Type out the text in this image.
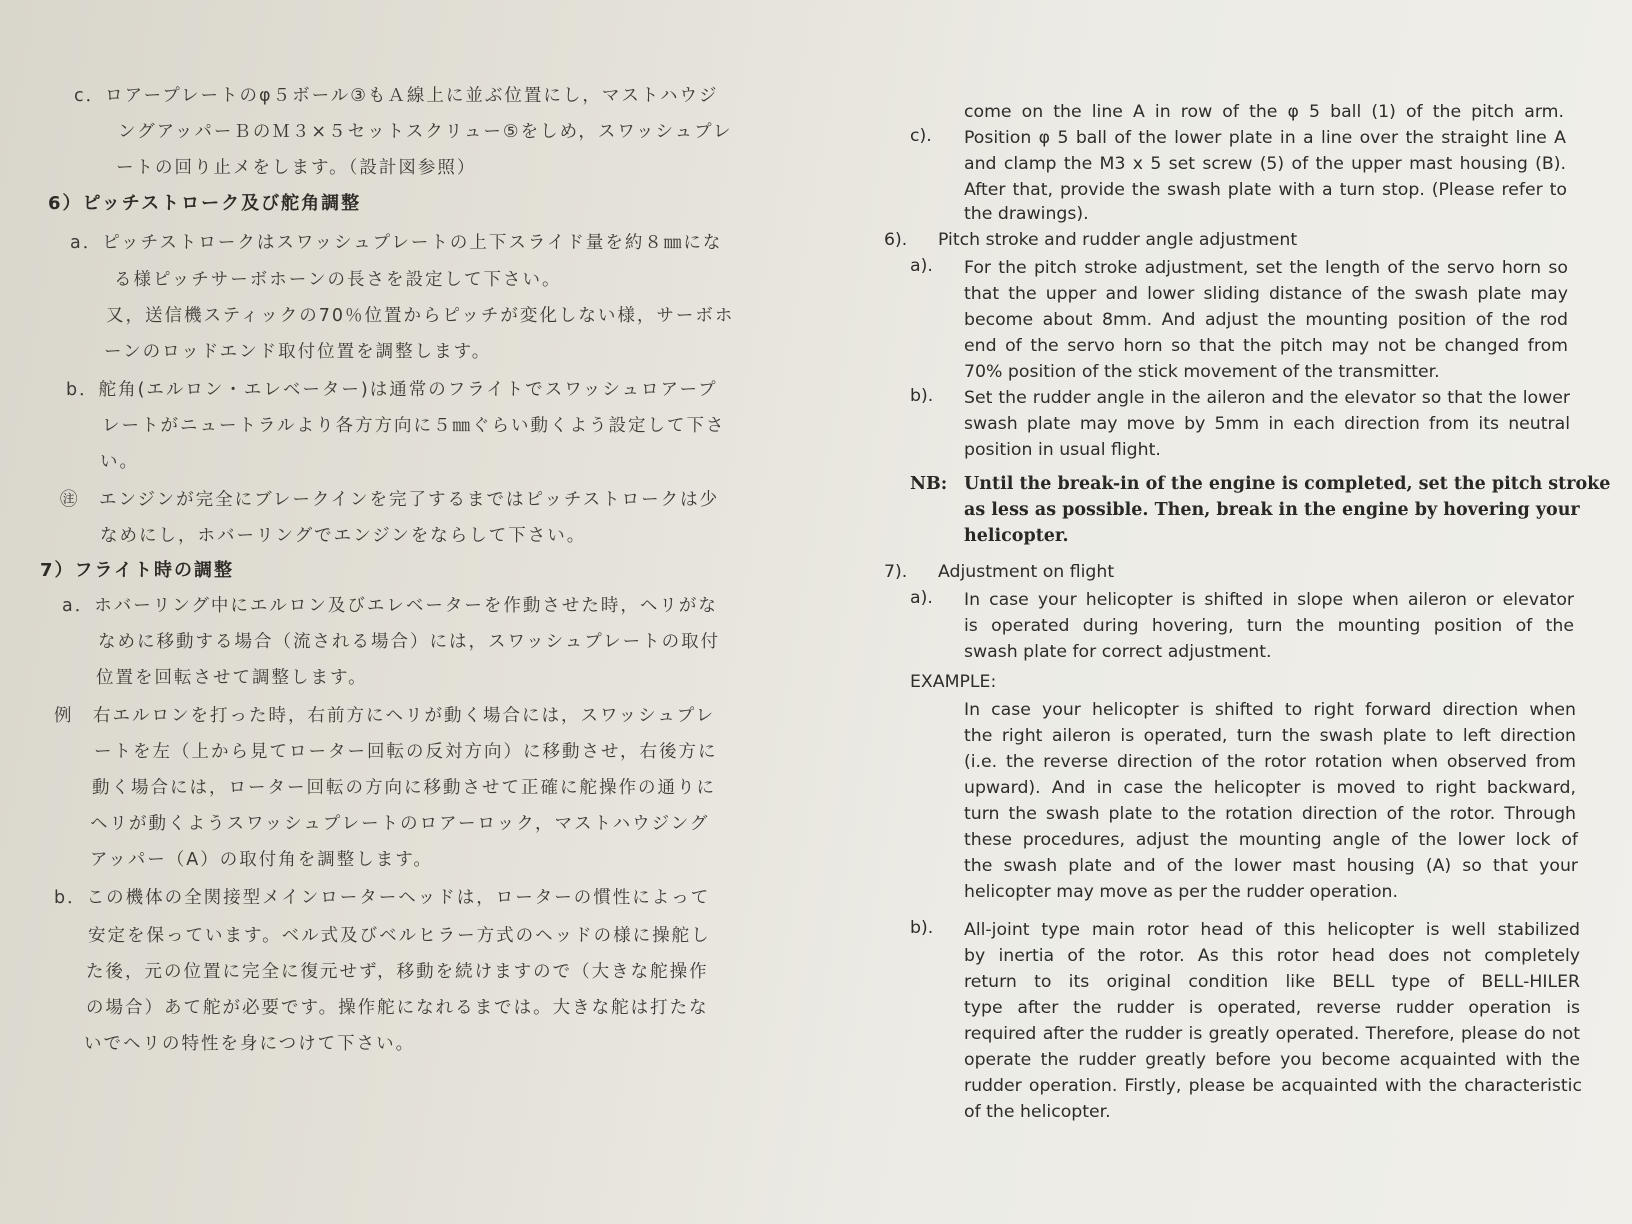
c．ロアープレートのφ５ボール③もＡ線上に並ぶ位置にし，マストハウジ
ングアッパーＢのＭ３×５セットスクリュー⑤をしめ，スワッシュプレ
ートの回り止メをします。（設計図参照）
6）ピッチストローク及び舵角調整
a．ピッチストロークはスワッシュプレートの上下スライド量を約８㎜にな
る様ピッチサーボホーンの長さを設定して下さい。
又，送信機スティックの70％位置からピッチが変化しない様，サーボホ
ーンのロッドエンド取付位置を調整します。
b．舵角(エルロン・エレベーター)は通常のフライトでスワッシュロアープ
レートがニュートラルより各方方向に５㎜ぐらい動くよう設定して下さ
い。
㊟　エンジンが完全にブレークインを完了するまではピッチストロークは少
なめにし，ホバーリングでエンジンをならして下さい。
7）フライト時の調整
a．ホバーリング中にエルロン及びエレベーターを作動させた時，ヘリがな
なめに移動する場合（流される場合）には，スワッシュプレートの取付
位置を回転させて調整します。
例　右エルロンを打った時，右前方にヘリが動く場合には，スワッシュプレ
ートを左（上から見てローター回転の反対方向）に移動させ，右後方に
動く場合には，ローター回転の方向に移動させて正確に舵操作の通りに
ヘリが動くようスワッシュプレートのロアーロック，マストハウジング
アッパー（A）の取付角を調整します。
b．この機体の全関接型メインローターヘッドは，ローターの慣性によって
安定を保っています。ベル式及びベルヒラー方式のヘッドの様に操舵し
た後，元の位置に完全に復元せず，移動を続けますので（大きな舵操作
の場合）あて舵が必要です。操作舵になれるまでは。大きな舵は打たな
いでヘリの特性を身につけて下さい。
come on the line A in row of the φ 5 ball (1) of the pitch arm.
c). Position φ 5 ball of the lower plate in a line over the straight line A
and clamp the M3 x 5 set screw (5) of the upper mast housing (B).
After that, provide the swash plate with a turn stop. (Please refer to
the drawings).
6). Pitch stroke and rudder angle adjustment
a). For the pitch stroke adjustment, set the length of the servo horn so
that the upper and lower sliding distance of the swash plate may
become about 8mm. And adjust the mounting position of the rod
end of the servo horn so that the pitch may not be changed from
70% position of the stick movement of the transmitter.
b). Set the rudder angle in the aileron and the elevator so that the lower
swash plate may move by 5mm in each direction from its neutral
position in usual flight.
NB: Until the break-in of the engine is completed, set the pitch stroke
as less as possible. Then, break in the engine by hovering your
helicopter.
7). Adjustment on flight
a). In case your helicopter is shifted in slope when aileron or elevator
is operated during hovering, turn the mounting position of the
swash plate for correct adjustment.
EXAMPLE:
In case your helicopter is shifted to right forward direction when
the right aileron is operated, turn the swash plate to left direction
(i.e. the reverse direction of the rotor rotation when observed from
upward). And in case the helicopter is moved to right backward,
turn the swash plate to the rotation direction of the rotor. Through
these procedures, adjust the mounting angle of the lower lock of
the swash plate and of the lower mast housing (A) so that your
helicopter may move as per the rudder operation.
b). All-joint type main rotor head of this helicopter is well stabilized
by inertia of the rotor. As this rotor head does not completely
return to its original condition like BELL type of BELL-HILER
type after the rudder is operated, reverse rudder operation is
required after the rudder is greatly operated. Therefore, please do not
operate the rudder greatly before you become acquainted with the
rudder operation. Firstly, please be acquainted with the characteristic
of the helicopter.
